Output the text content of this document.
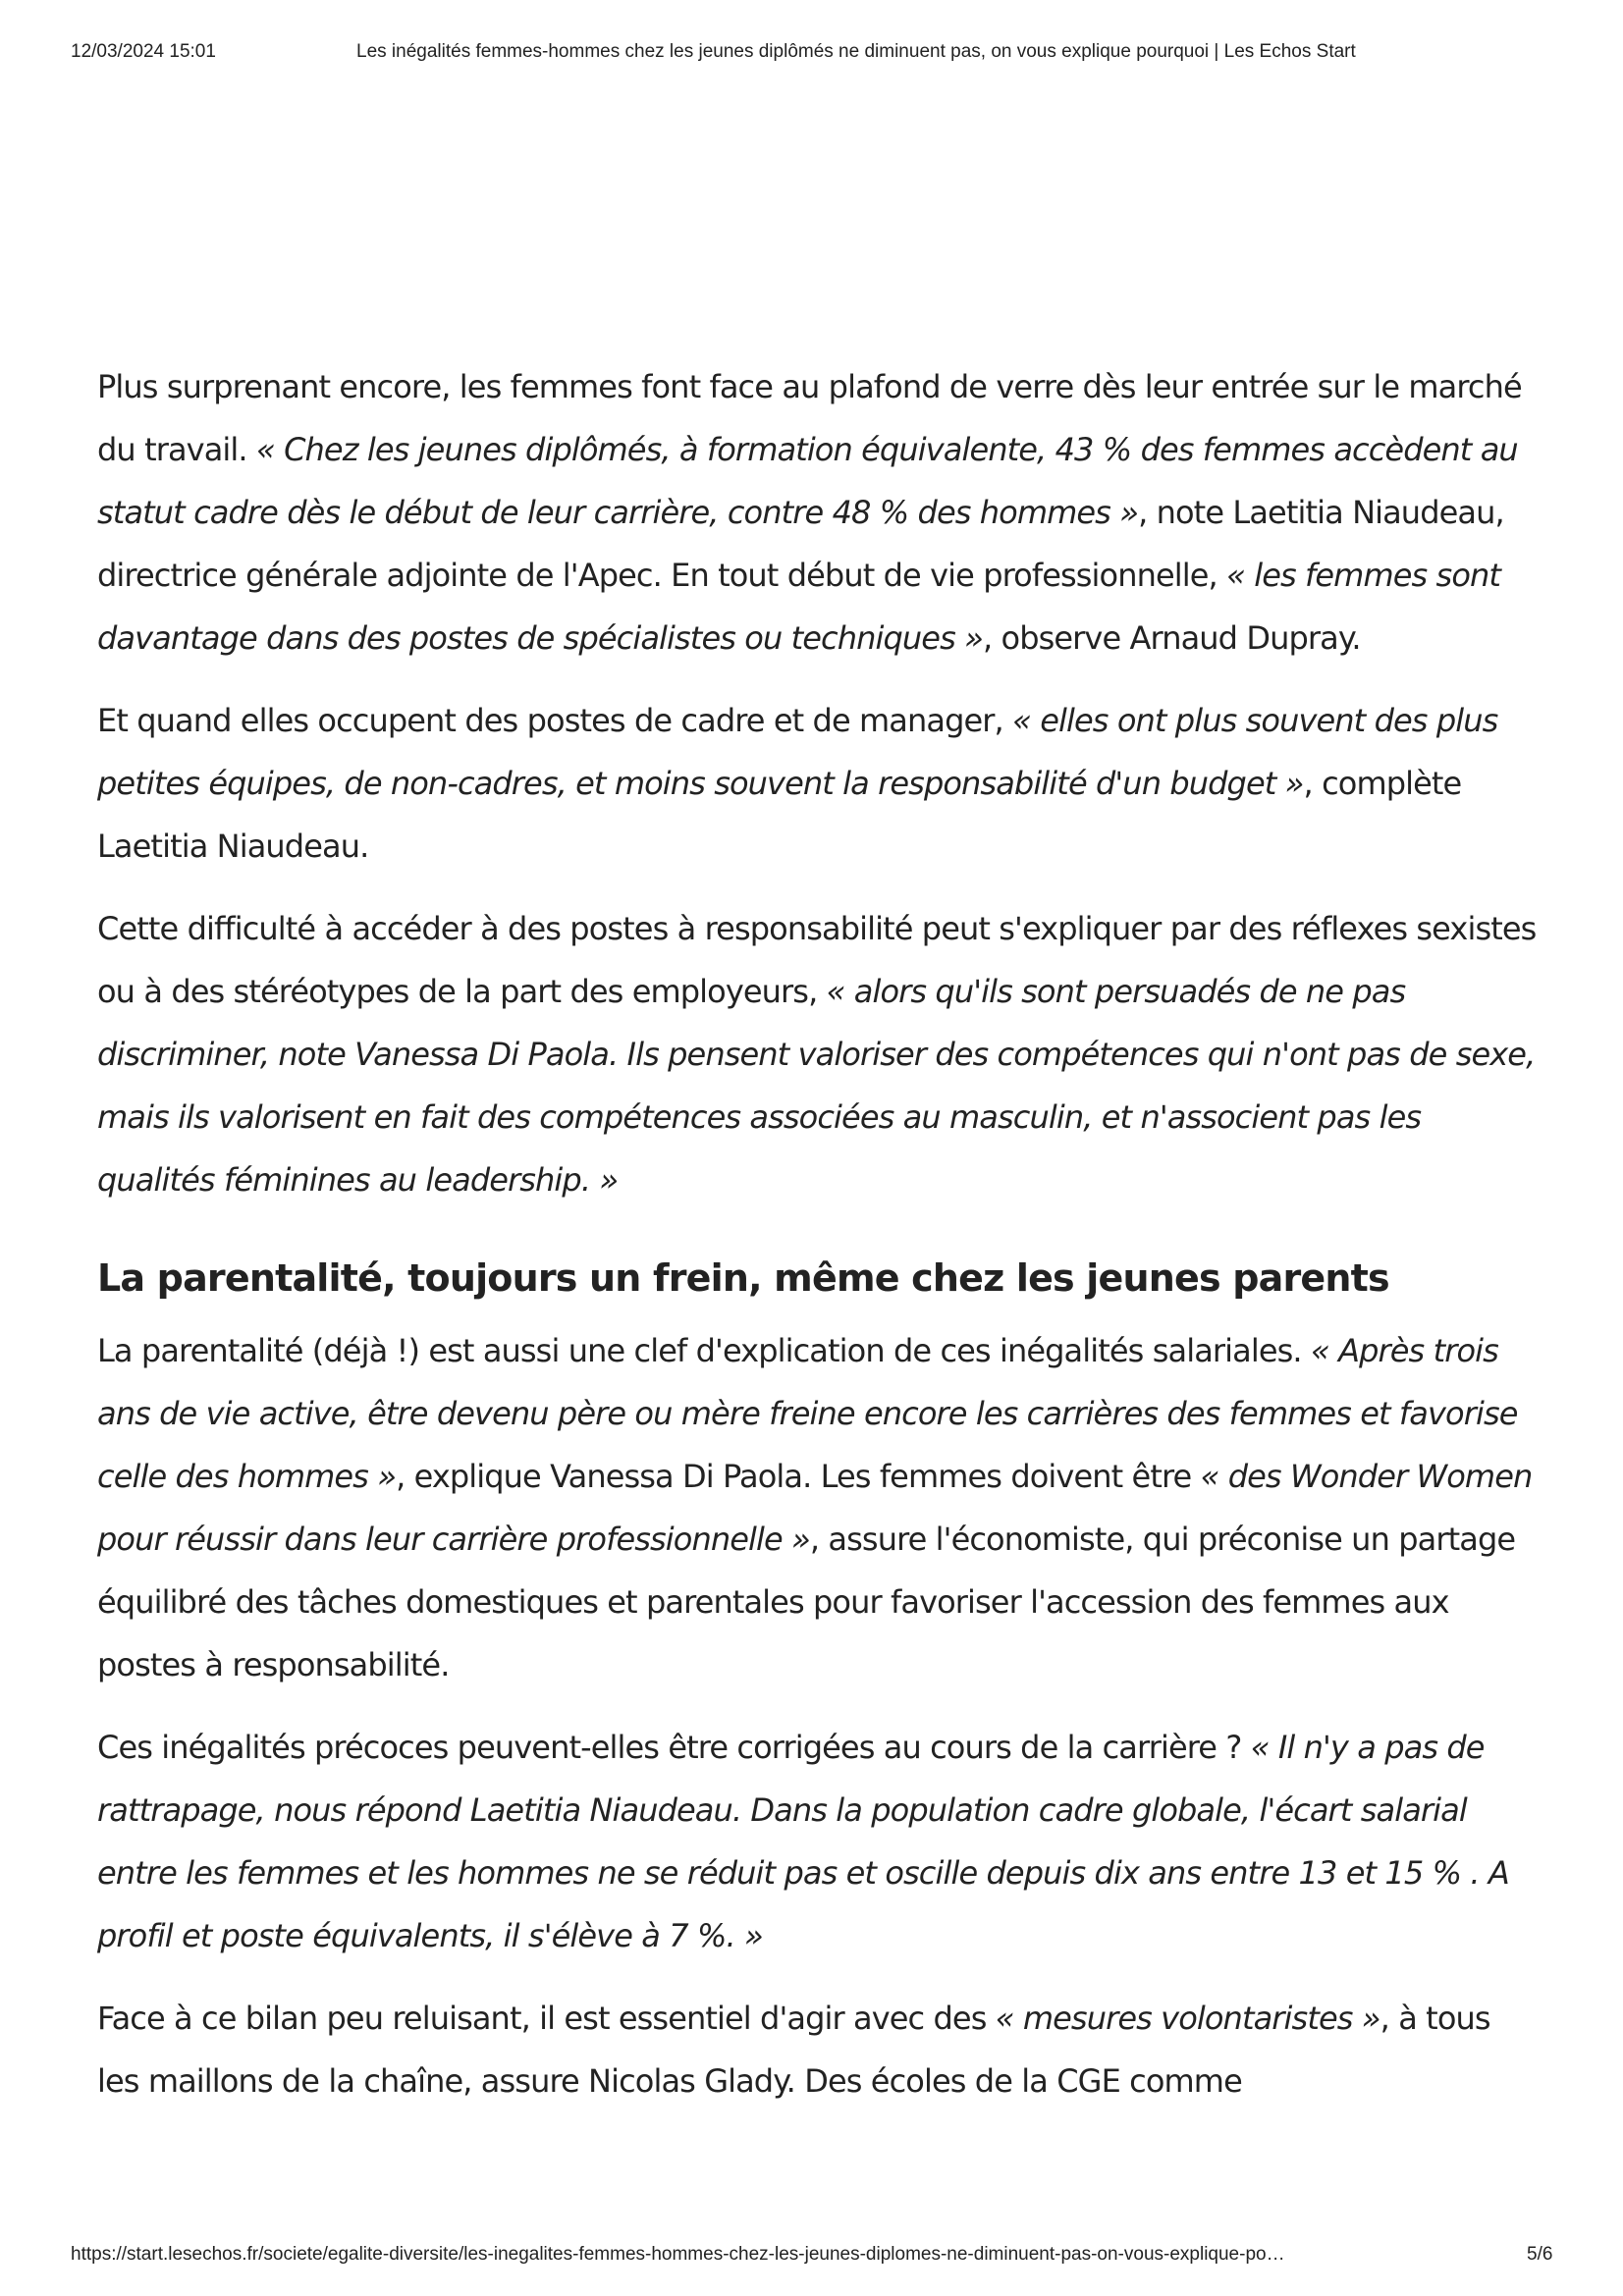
12/03/2024 15:01	Les inégalités femmes-hommes chez les jeunes diplômés ne diminuent pas, on vous explique pourquoi | Les Echos Start

Plus surprenant encore, les femmes font face au plafond de verre dès leur entrée sur le marché du travail. « Chez les jeunes diplômés, à formation équivalente, 43 % des femmes accèdent au statut cadre dès le début de leur carrière, contre 48 % des hommes », note Laetitia Niaudeau, directrice générale adjointe de l'Apec. En tout début de vie professionnelle, « les femmes sont davantage dans des postes de spécialistes ou techniques », observe Arnaud Dupray.

Et quand elles occupent des postes de cadre et de manager, « elles ont plus souvent des plus petites équipes, de non-cadres, et moins souvent la responsabilité d'un budget », complète Laetitia Niaudeau.

Cette difficulté à accéder à des postes à responsabilité peut s'expliquer par des réflexes sexistes ou à des stéréotypes de la part des employeurs, « alors qu'ils sont persuadés de ne pas discriminer, note Vanessa Di Paola. Ils pensent valoriser des compétences qui n'ont pas de sexe, mais ils valorisent en fait des compétences associées au masculin, et n'associent pas les qualités féminines au leadership. »

La parentalité, toujours un frein, même chez les jeunes parents

La parentalité (déjà !) est aussi une clef d'explication de ces inégalités salariales. « Après trois ans de vie active, être devenu père ou mère freine encore les carrières des femmes et favorise celle des hommes », explique Vanessa Di Paola. Les femmes doivent être « des Wonder Women pour réussir dans leur carrière professionnelle », assure l'économiste, qui préconise un partage équilibré des tâches domestiques et parentales pour favoriser l'accession des femmes aux postes à responsabilité.

Ces inégalités précoces peuvent-elles être corrigées au cours de la carrière ? « Il n'y a pas de rattrapage, nous répond Laetitia Niaudeau. Dans la population cadre globale, l'écart salarial entre les femmes et les hommes ne se réduit pas et oscille depuis dix ans entre 13 et 15 % . A profil et poste équivalents, il s'élève à 7 %. »

Face à ce bilan peu reluisant, il est essentiel d'agir avec des « mesures volontaristes », à tous les maillons de la chaîne, assure Nicolas Glady. Des écoles de la CGE comme

https://start.lesechos.fr/societe/egalite-diversite/les-inegalites-femmes-hommes-chez-les-jeunes-diplomes-ne-diminuent-pas-on-vous-explique-po…	5/6
